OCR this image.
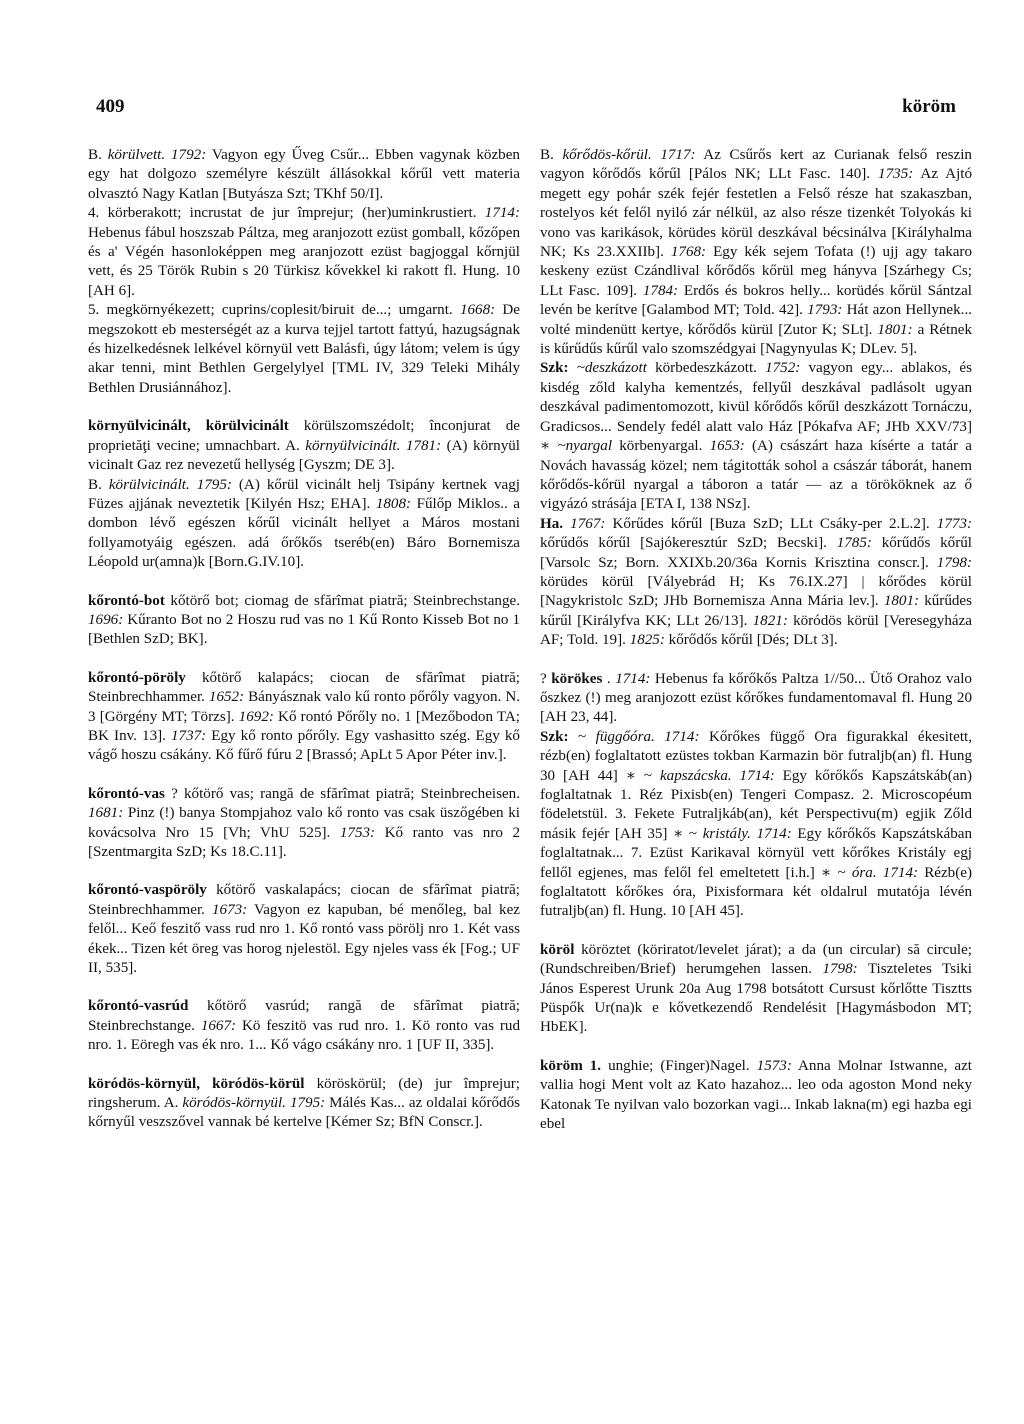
409	köröm

B. körülvett. 1792: Vagyon egy Űveg Csűr... Ebben vagynak közben egy hat dolgozo személyre készült állásokkal kőrűl vett materia olvasztó Nagy Katlan [Butyásza Szt; TKhf 50/I].

4. körberakott; incrustat de jur împrejur; (her)uminkrustiert. 1714: Hebenus fábul hoszszab Páltza, meg aranjozott ezüst gomball, kőzőpen és a' Végén hasonloképpen meg aranjozott ezüst bagjoggal kőrnjül vett, és 25 Török Rubin s 20 Türkisz kővekkel ki rakott fl. Hung. 10 [AH 6].

5. megkörnyékezett; cuprins/coplesit/biruit de...; umgarnt. 1668: De megszokott eb mesterségét az a kurva tejjel tartott fattyú, hazugságnak és hizelkedésnek lelkével környül vett Balásfi, úgy látom; velem is úgy akar tenni, mint Bethlen Gergelylyel [TML IV, 329 Teleki Mihály Bethlen Drusiánnához].

környülvicinált, körülvicinált körülszomszédolt; înconjurat de proprietăţi vecine; umnachbart. A. környülvicinált. 1781: (A) környül vicinalt Gaz rez nevezetű hellység [Gyszm; DE 3].

B. körülvicinált. 1795: (A) kőrül vicinált helj Tsipány kertnek vagj Füzes ajjának neveztetik [Kilyén Hsz; EHA]. 1808: Fűlőp Miklos.. a dombon lévő egészen kőrűl vicinált hellyet a Máros mostani follyamotyáig egészen. adá őrőkős tseréb(en) Báro Bornemisza Léopold ur(amna)k [Born.G.IV.10].

kőrontó-bot kőtörő bot; ciomag de sfărîmat piatră; Steinbrechstange. 1696: Kűranto Bot no 2 Hoszu rud vas no 1 Kű Ronto Kisseb Bot no 1 [Bethlen SzD; BK].

kőrontó-pöröly kőtörő kalapács; ciocan de sfărîmat piatră; Steinbrechhammer. 1652: Bányásznak valo kű ronto pőrőly vagyon. N. 3 [Görgény MT; Törzs]. 1692: Kő rontó Pőrőly no. 1 [Mezőbodon TA; BK Inv. 13]. 1737: Egy kő ronto pőrőly. Egy vashasitto szég. Egy kő vágő hoszu csákány. Kő fűrő fúru 2 [Brassó; ApLt 5 Apor Péter inv.].

kőrontó-vas ? kőtörő vas; rangă de sfărîmat piatră; Steinbrecheisen. 1681: Pinz (!) banya Stompjahoz valo kő ronto vas csak üszőgében ki kovácsolva Nro 15 [Vh; VhU 525]. 1753: Kő ranto vas nro 2 [Szentmargita SzD; Ks 18.C.11].

kőrontó-vaspöröly kőtörő vaskalapács; ciocan de sfărîmat piatră; Steinbrechhammer. 1673: Vagyon ez kapuban, bé menőleg, bal kez felől... Keő feszitő vass rud nro 1. Kő rontó vass pörölj nro 1. Két vass ékek... Tizen két öreg vas horog njelestöl. Egy njeles vass ék [Fog.; UF II, 535].

kőrontó-vasrúd kőtörő vasrúd; rangă de sfărîmat piatră; Steinbrechstange. 1667: Kö feszitö vas rud nro. 1. Kö ronto vas rud nro. 1. Eöregh vas ék nro. 1... Kő vágo csákány nro. 1 [UF II, 335].

köródös-környül, köródös-körül köröskörül; (de) jur împrejur; ringsherum. A. köródös-környül. 1795: Málés Kas... az oldalai kőrődős kőrnyűl veszszővel vannak bé kertelve [Kémer Sz; BfN Conscr.].

B. kőrődös-kőrül. 1717: Az Csűrős kert az Curianak felső reszin vagyon kőrődős kőrűl [Pálos NK; LLt Fasc. 140]. 1735: Az Ajtó megett egy pohár szék fejér festetlen a Felső része hat szakaszban, rostelyos két felől nyiló zár nélkül, az also része tizenkét Tolyokás ki vono vas karikások, körüdes körül deszkával bécsinálva [Királyhalma NK; Ks 23.XXIIb]. 1768: Egy kék sejem Tofata (!) ujj agy takaro keskeny ezüst Czándlival kőrődős kőrül meg hányva [Szárhegy Cs; LLt Fasc. 109]. 1784: Erdős és bokros helly... korüdés kőrül Sántzal levén be kerítve [Galambod MT; Told. 42]. 1793: Hát azon Hellynek... volté mindenütt kertye, kőrődős kürül [Zutor K; SLt]. 1801: a Rétnek is kűrűdűs kűrűl valo szomszédgyai [Nagynyulas K; DLev. 5].

Szk: ~deszkázott körbedeszkázott. 1752: vagyon egy... ablakos, és kisdég zőld kalyha kementzés, fellyűl deszkával padlásolt ugyan deszkával padimentomozott, kivül kőrődős kőrűl deszkázott Tornáczu, Gradicsos... Sendely fedél alatt valo Ház [Pókafva AF; JHb XXV/73] ∗ ~nyargal körbenyargal. 1653: (A) császárt haza kísérte a tatár a Novách havasság közel; nem tágitották sohol a császár táborát, hanem kőrődős-kőrül nyargal a táboron a tatár — az a törököknek az ő vigyázó strásája [ETA I, 138 NSz].

Ha. 1767: Kőrűdes kőrűl [Buza SzD; LLt Csáky-per 2.L.2]. 1773: kőrűdős kőrűl [Sajókeresztúr SzD; Becski]. 1785: kőrűdős kőrűl [Varsolc Sz; Born. XXIXb.20/36a Kornis Krisztina conscr.]. 1798: körüdes körül [Vályebrád H; Ks 76.IX.27] | kőrődes körül [Nagykristolc SzD; JHb Bornemisza Anna Mária lev.]. 1801: kűrűdes kűrűl [Királyfva KK; LLt 26/13]. 1821: köródös körül [Veresegyháza AF; Told. 19]. 1825: kőrődős kőrűl [Dés; DLt 3].

? körökes . 1714: Hebenus fa kőrőkős Paltza 1//50... Ütő Orahoz valo őszkez (!) meg aranjozott ezüst kőrőkes fundamentomaval fl. Hung 20 [AH 23, 44].

Szk: ~ függőóra. 1714: Kőrőkes függő Ora figurakkal ékesitett, rézb(en) foglaltatott ezüstes tokban Karmazin bör futraljb(an) fl. Hung 30 [AH 44] ∗ ~ kapszácska. 1714: Egy kőrőkős Kapszátskáb(an) foglaltatnak 1. Réz Pixisb(en) Tengeri Compasz. 2. Microscopéum födeletstül. 3. Fekete Futraljkáb(an), két Perspectivu(m) egjik Zőld másik fejér [AH 35] ∗ ~ kristály. 1714: Egy kőrőkős Kapszátskában foglaltatnak... 7. Ezüst Karikaval környül vett kőrőkes Kristály egj fellől egjenes, mas felől fel emeltetett [i.h.] ∗ ~ óra. 1714: Rézb(e) foglaltatott kőrőkes óra, Pixisformara két oldalrul mutatója lévén futraljb(an) fl. Hung. 10 [AH 45].

köröl köröztet (köriratot/levelet járat); a da (un circular) să circule; (Rundschreiben/Brief) herumgehen lassen. 1798: Tiszteletes Tsiki János Esperest Urunk 20a Aug 1798 botsátott Cursust kőrlőtte Tisztts Püspők Ur(na)k e kővetkezendő Rendelésit [Hagymásbodon MT; HbEK].

köröm 1. unghie; (Finger)Nagel. 1573: Anna Molnar Istwanne, azt vallia hogi Ment volt az Kato hazahoz... leo oda agoston Mond neky Katonak Te nyilvan valo bozorkan vagi... Inkab lakna(m) egi hazba egi ebel
